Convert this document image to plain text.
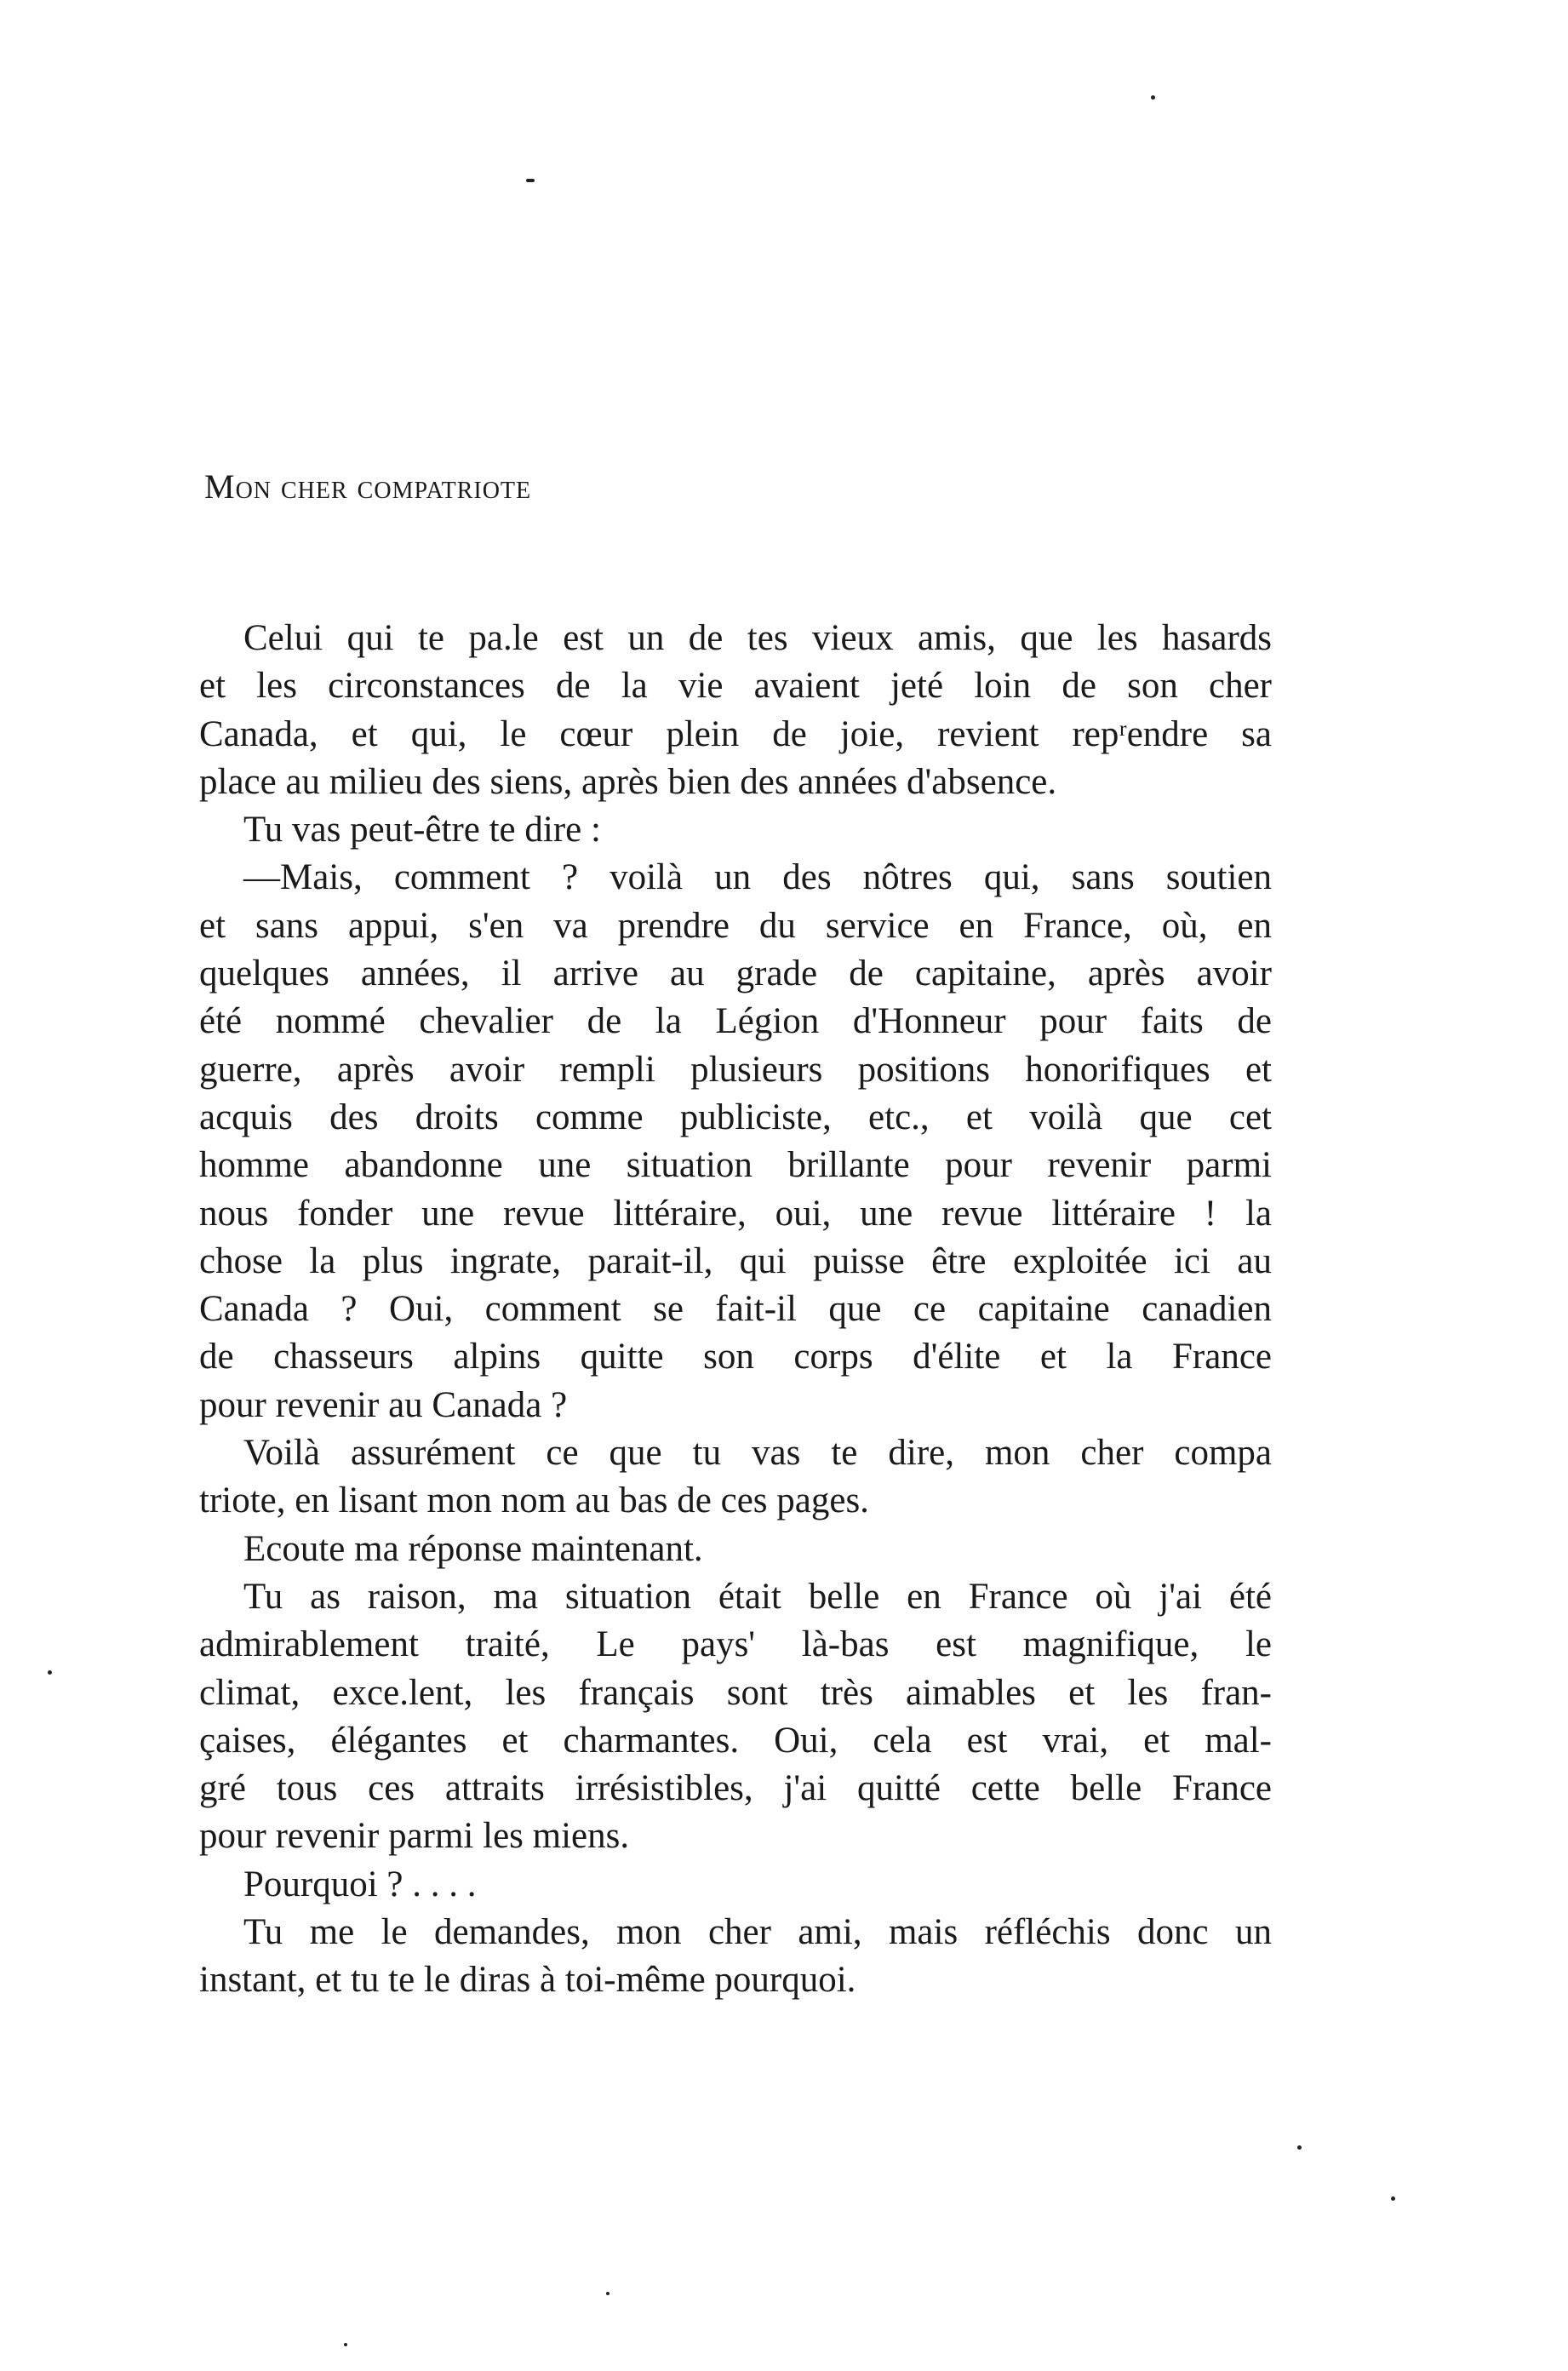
Mon cher compatriote
Celui qui te pa.le est un de tes vieux amis, que les hasards
et les circonstances de la vie avaient jeté loin de son cher
Canada, et qui, le cœur plein de joie, revient repʳendre sa
place au milieu des siens, après bien des années d'absence.
Tu vas peut-être te dire :
—Mais, comment ? voilà un des nôtres qui, sans soutien
et sans appui, s'en va prendre du service en France, où, en
quelques années, il arrive au grade de capitaine, après avoir
été nommé chevalier de la Légion d'Honneur pour faits de
guerre, après avoir rempli plusieurs positions honorifiques et
acquis des droits comme publiciste, etc., et voilà que cet
homme abandonne une situation brillante pour revenir parmi
nous fonder une revue littéraire, oui, une revue littéraire ! la
chose la plus ingrate, parait-il, qui puisse être exploitée ici au
Canada ? Oui, comment se fait-il que ce capitaine canadien
de chasseurs alpins quitte son corps d'élite et la France
pour revenir au Canada ?
Voilà assurément ce que tu vas te dire, mon cher compa
triote, en lisant mon nom au bas de ces pages.
Ecoute ma réponse maintenant.
Tu as raison, ma situation était belle en France où j'ai été
admirablement traité, Le pays' là-bas est magnifique, le
climat, exce.lent, les français sont très aimables et les fran-
çaises, élégantes et charmantes. Oui, cela est vrai, et mal-
gré tous ces attraits irrésistibles, j'ai quitté cette belle France
pour revenir parmi les miens.
Pourquoi ? . . . .
Tu me le demandes, mon cher ami, mais réfléchis donc un
instant, et tu te le diras à toi-même pourquoi.
